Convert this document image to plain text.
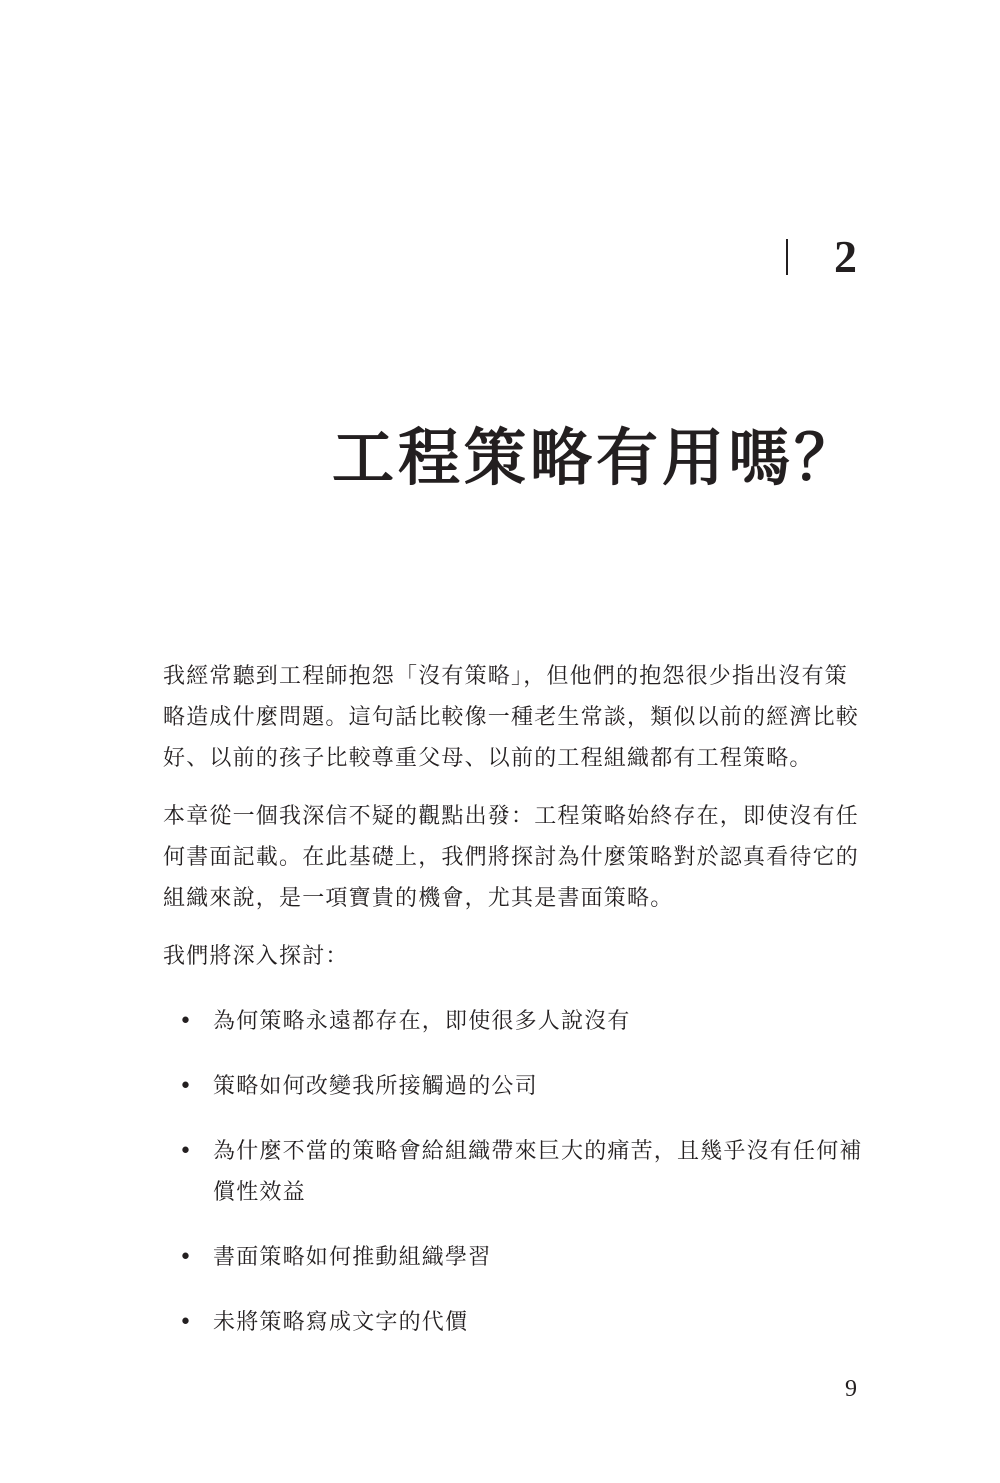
2
工程策略有用嗎？

我經常聽到工程師抱怨「沒有策略」，但他們的抱怨很少指出沒有策略造成什麼問題。這句話比較像一種老生常談，類似以前的經濟比較好、以前的孩子比較尊重父母、以前的工程組織都有工程策略。

本章從一個我深信不疑的觀點出發：工程策略始終存在，即使沒有任何書面記載。在此基礎上，我們將探討為什麼策略對於認真看待它的組織來說，是一項寶貴的機會，尤其是書面策略。

我們將深入探討：

• 為何策略永遠都存在，即使很多人說沒有
• 策略如何改變我所接觸過的公司
• 為什麼不當的策略會給組織帶來巨大的痛苦，且幾乎沒有任何補償性效益
• 書面策略如何推動組織學習
• 未將策略寫成文字的代價
9
